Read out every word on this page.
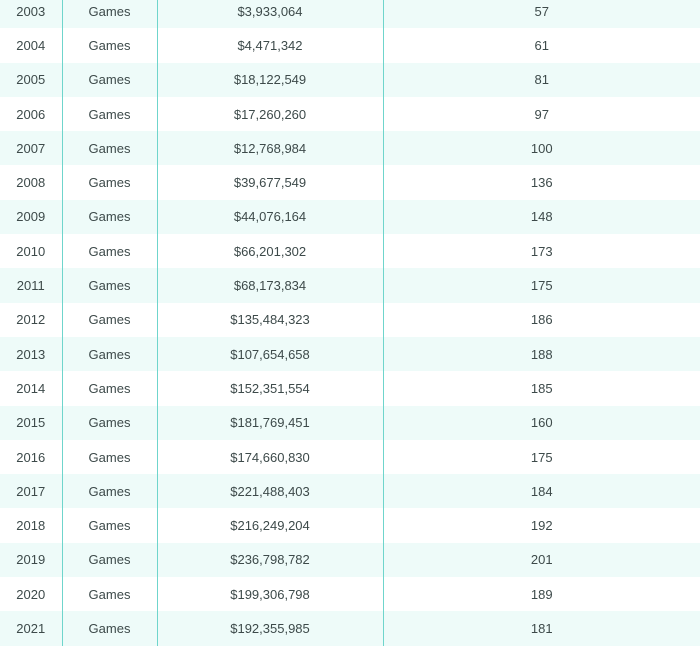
2003	Games	$3,933,064	57
2004	Games	$4,471,342	61
2005	Games	$18,122,549	81
2006	Games	$17,260,260	97
2007	Games	$12,768,984	100
2008	Games	$39,677,549	136
2009	Games	$44,076,164	148
2010	Games	$66,201,302	173
2011	Games	$68,173,834	175
2012	Games	$135,484,323	186
2013	Games	$107,654,658	188
2014	Games	$152,351,554	185
2015	Games	$181,769,451	160
2016	Games	$174,660,830	175
2017	Games	$221,488,403	184
2018	Games	$216,249,204	192
2019	Games	$236,798,782	201
2020	Games	$199,306,798	189
2021	Games	$192,355,985	181
